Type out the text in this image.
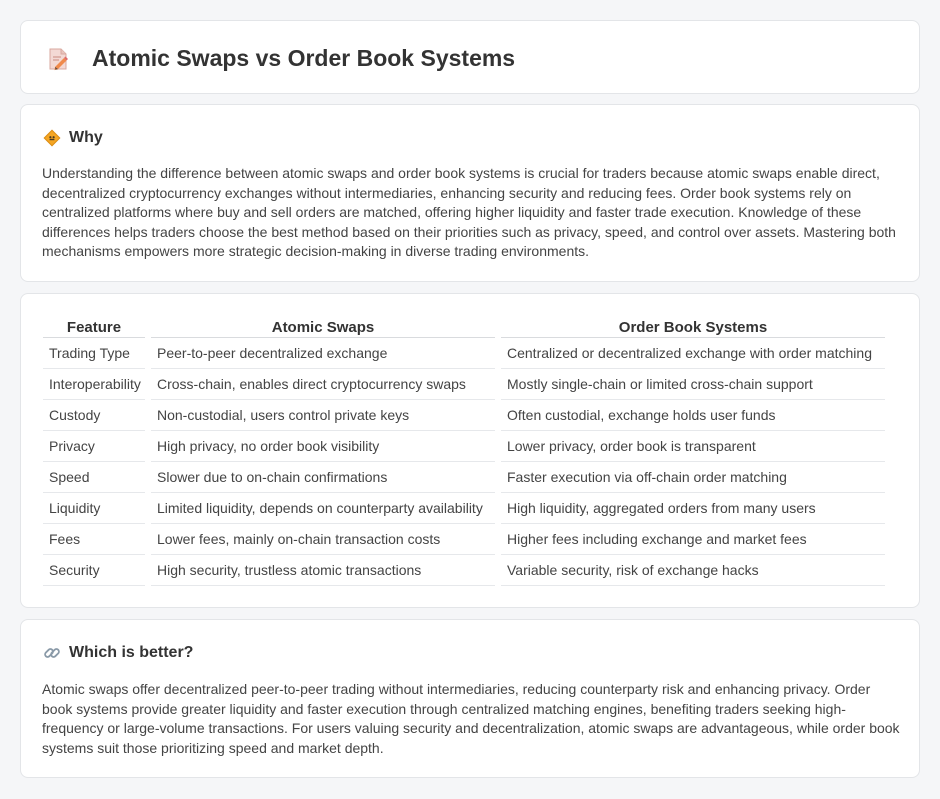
Atomic Swaps vs Order Book Systems
Why

Understanding the difference between atomic swaps and order book systems is crucial for traders because atomic swaps enable direct, decentralized cryptocurrency exchanges without intermediaries, enhancing security and reducing fees. Order book systems rely on centralized platforms where buy and sell orders are matched, offering higher liquidity and faster trade execution. Knowledge of these differences helps traders choose the best method based on their priorities such as privacy, speed, and control over assets. Mastering both mechanisms empowers more strategic decision-making in diverse trading environments.

Feature	Atomic Swaps	Order Book Systems
Trading Type	Peer-to-peer decentralized exchange	Centralized or decentralized exchange with order matching
Interoperability	Cross-chain, enables direct cryptocurrency swaps	Mostly single-chain or limited cross-chain support
Custody	Non-custodial, users control private keys	Often custodial, exchange holds user funds
Privacy	High privacy, no order book visibility	Lower privacy, order book is transparent
Speed	Slower due to on-chain confirmations	Faster execution via off-chain order matching
Liquidity	Limited liquidity, depends on counterparty availability	High liquidity, aggregated orders from many users
Fees	Lower fees, mainly on-chain transaction costs	Higher fees including exchange and market fees
Security	High security, trustless atomic transactions	Variable security, risk of exchange hacks
Which is better?

Atomic swaps offer decentralized peer-to-peer trading without intermediaries, reducing counterparty risk and enhancing privacy. Order book systems provide greater liquidity and faster execution through centralized matching engines, benefiting traders seeking high-frequency or large-volume transactions. For users valuing security and decentralization, atomic swaps are advantageous, while order book systems suit those prioritizing speed and market depth.
